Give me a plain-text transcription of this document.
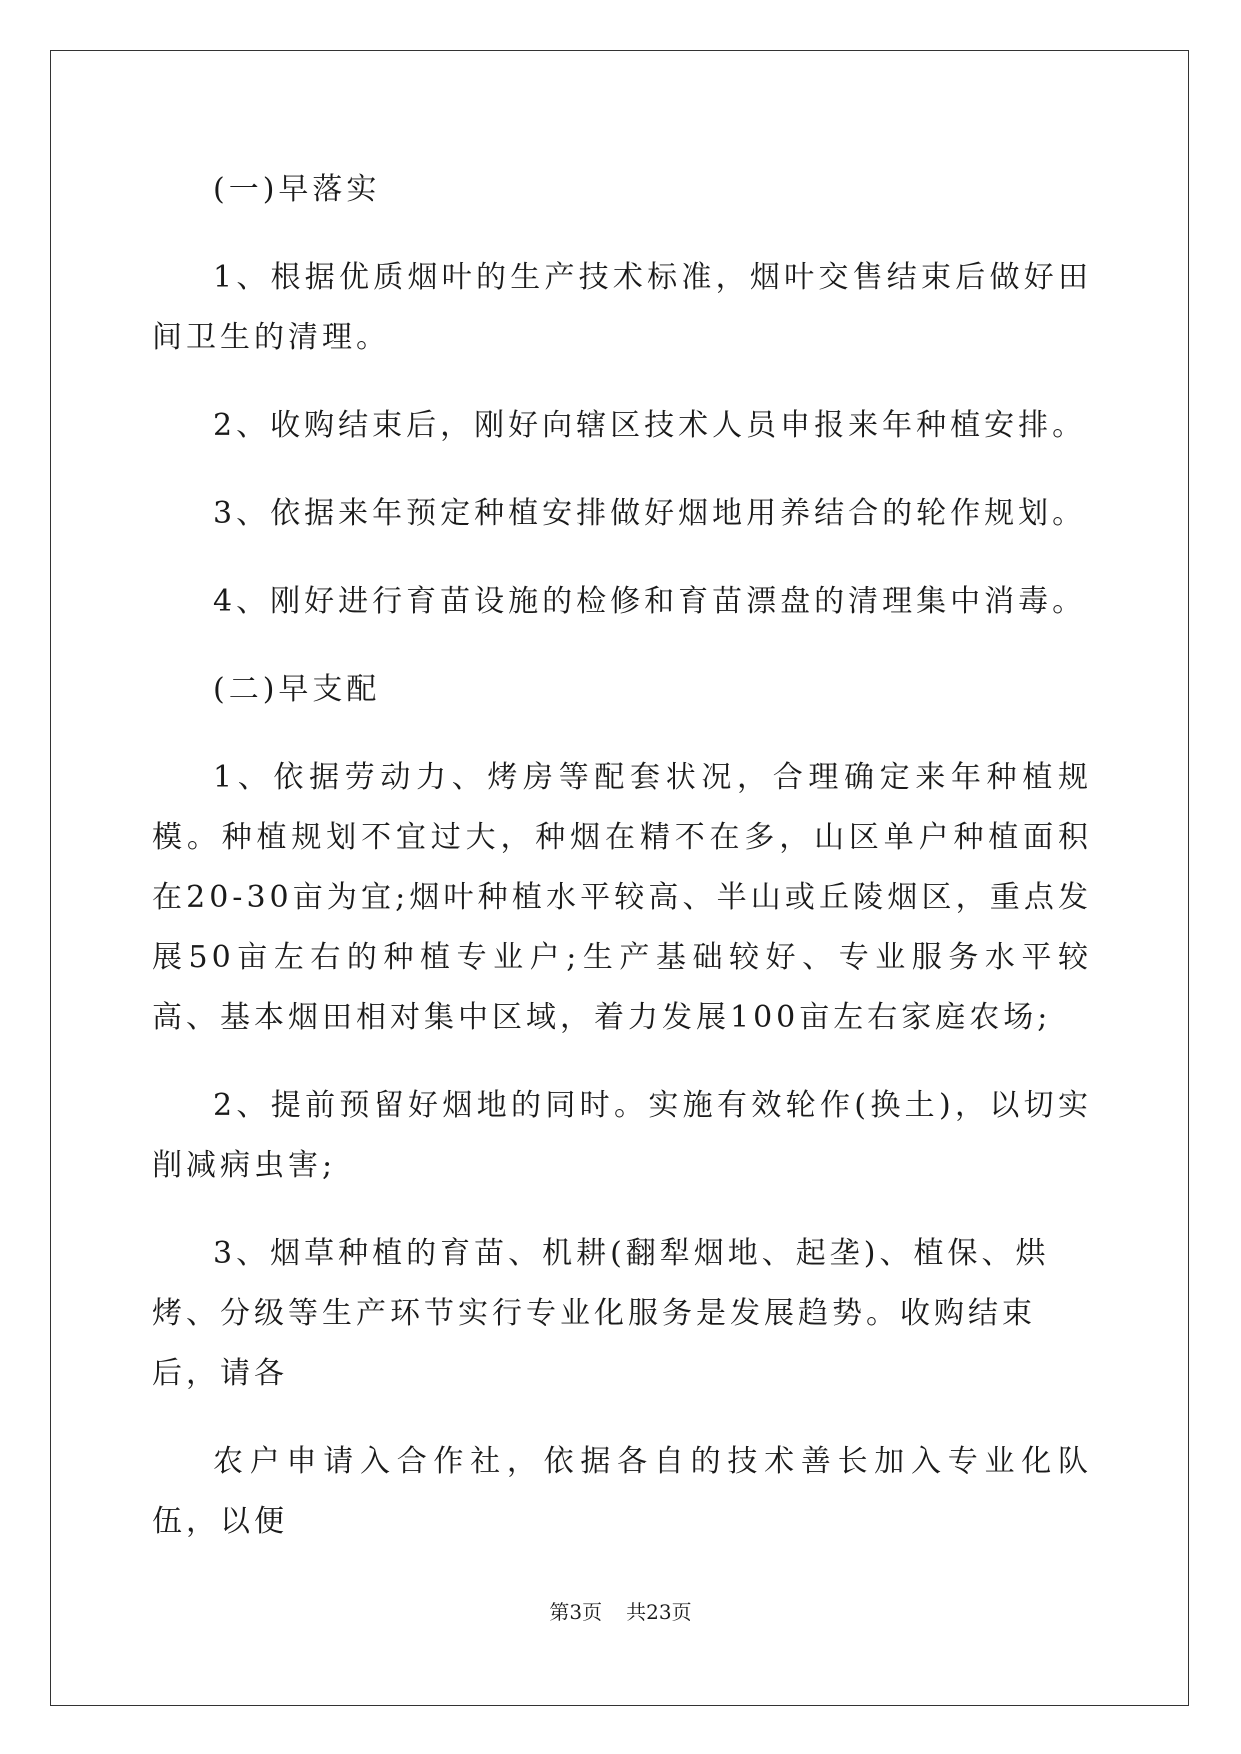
(一)早落实

1、根据优质烟叶的生产技术标准，烟叶交售结束后做好田间卫生的清理。

2、收购结束后，刚好向辖区技术人员申报来年种植安排。

3、依据来年预定种植安排做好烟地用养结合的轮作规划。

4、刚好进行育苗设施的检修和育苗漂盘的清理集中消毒。

(二)早支配

1、依据劳动力、烤房等配套状况，合理确定来年种植规模。种植规划不宜过大，种烟在精不在多，山区单户种植面积在20-30亩为宜;烟叶种植水平较高、半山或丘陵烟区，重点发展50亩左右的种植专业户;生产基础较好、专业服务水平较高、基本烟田相对集中区域，着力发展100亩左右家庭农场;

2、提前预留好烟地的同时。实施有效轮作(换土)，以切实削减病虫害;

3、烟草种植的育苗、机耕(翻犁烟地、起垄)、植保、烘烤、分级等生产环节实行专业化服务是发展趋势。收购结束后，请各

农户申请入合作社，依据各自的技术善长加入专业化队伍，以便

第3页 共23页
